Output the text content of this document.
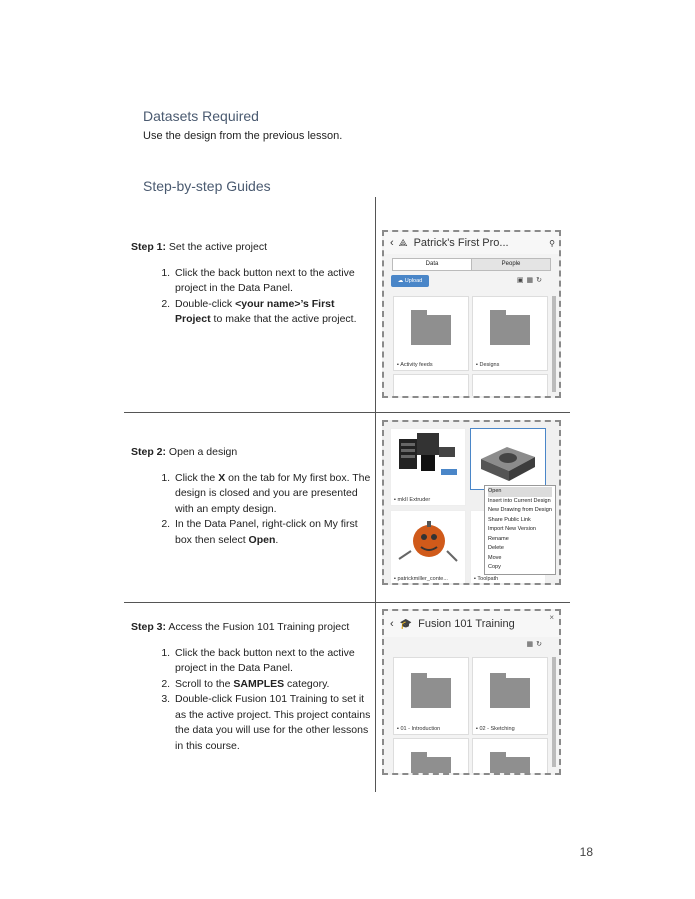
Datasets Required
Use the design from the previous lesson.
Step-by-step Guides
Step 1: Set the active project
1. Click the back button next to the active project in the Data Panel.
2. Double-click <your name>’s First Project to make that the active project.
‹ ⟁ Patrick's First Pro...	⚲
Data	People
☁ Upload	▣▦↻
▪ Activity feeds	▪ Designs
Step 2: Open a design
1. Click the X on the tab for My first box. The design is closed and you are presented with an empty design.
2. In the Data Panel, right-click on My first box then select Open.
▪ mkII Extruder
▪ patrickmiller_conte...	▪ Toolpath
Open
Insert into Current Design
New Drawing from Design
Share Public Link
Import New Version
Rename
Delete
Move
Copy
Step 3: Access the Fusion 101 Training project
1. Click the back button next to the active project in the Data Panel.
2. Scroll to the SAMPLES category.
3. Double-click Fusion 101 Training to set it as the active project. This project contains the data you will use for the other lessons in this course.
‹ 🎓 Fusion 101 Training
×
▦↻
▪ 01 - Introduction	▪ 02 - Sketching
18
